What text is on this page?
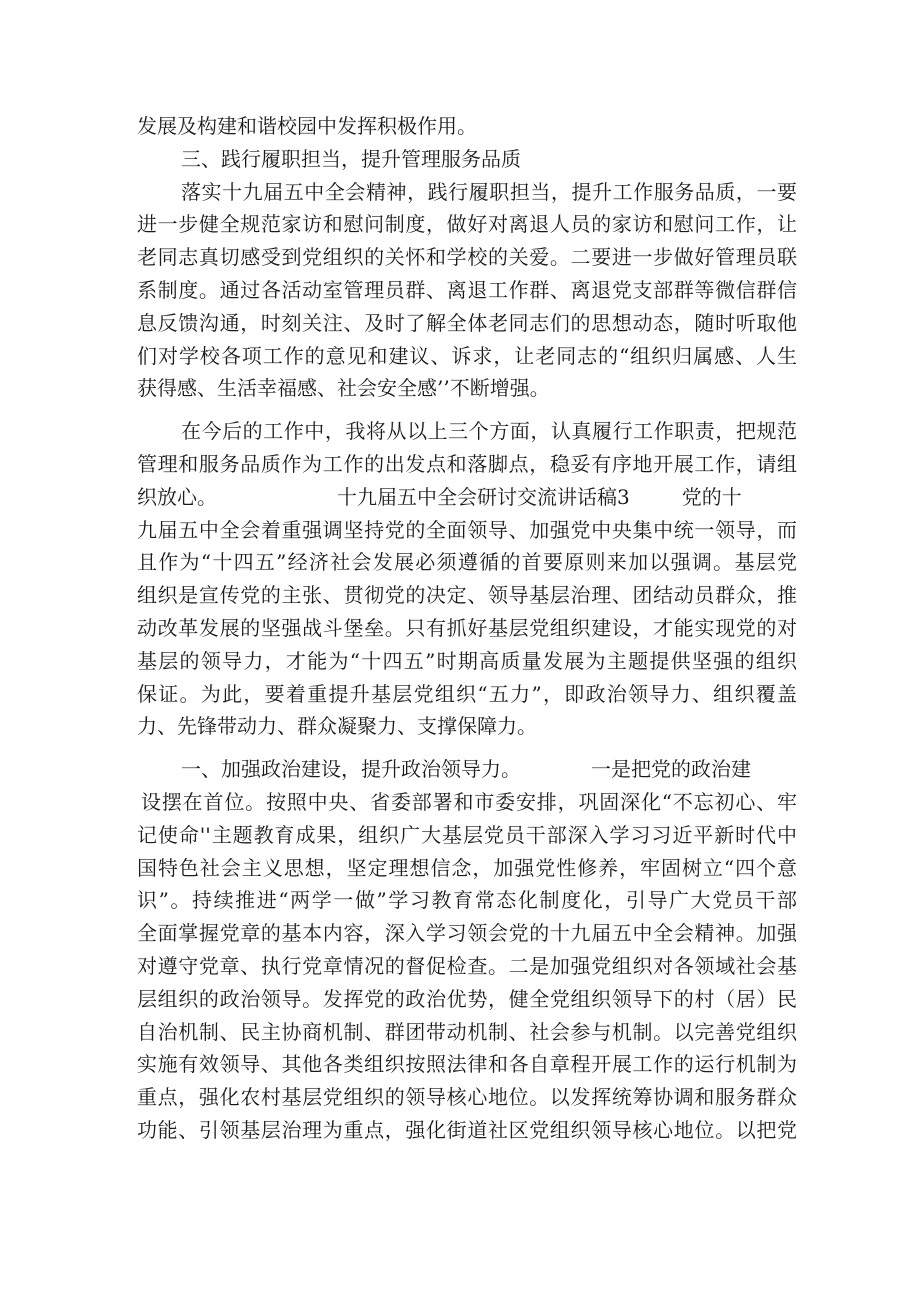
发展及构建和谐校园中发挥积极作用。
三、践行履职担当，提升管理服务品质
落实十九届五中全会精神，践行履职担当，提升工作服务品质，一要
进一步健全规范家访和慰问制度，做好对离退人员的家访和慰问工作，让
老同志真切感受到党组织的关怀和学校的关爱。二要进一步做好管理员联
系制度。通过各活动室管理员群、离退工作群、离退党支部群等微信群信
息反馈沟通，时刻关注、及时了解全体老同志们的思想动态，随时听取他
们对学校各项工作的意见和建议、诉求，让老同志的“组织归属感、人生
获得感、生活幸福感、社会安全感’’不断增强。
在今后的工作中，我将从以上三个方面，认真履行工作职责，把规范
管理和服务品质作为工作的出发点和落脚点，稳妥有序地开展工作，请组
织放心。	十九届五中全会研讨交流讲话稿3	党的十
九届五中全会着重强调坚持党的全面领导、加强党中央集中统一领导，而
且作为“十四五”经济社会发展必须遵循的首要原则来加以强调。基层党
组织是宣传党的主张、贯彻党的决定、领导基层治理、团结动员群众，推
动改革发展的坚强战斗堡垒。只有抓好基层党组织建设，才能实现党的对
基层的领导力，才能为“十四五”时期高质量发展为主题提供坚强的组织
保证。为此，要着重提升基层党组织“五力”，即政治领导力、组织覆盖
力、先锋带动力、群众凝聚力、支撑保障力。
一、加强政治建设，提升政治领导力。	一是把党的政治建
设摆在首位。按照中央、省委部署和市委安排，巩固深化“不忘初心、牢
记使命''主题教育成果，组织广大基层党员干部深入学习习近平新时代中
国特色社会主义思想，坚定理想信念，加强党性修养，牢固树立“四个意
识”。持续推进“两学一做”学习教育常态化制度化，引导广大党员干部
全面掌握党章的基本内容，深入学习领会党的十九届五中全会精神。加强
对遵守党章、执行党章情况的督促检查。二是加强党组织对各领域社会基
层组织的政治领导。发挥党的政治优势，健全党组织领导下的村（居）民
自治机制、民主协商机制、群团带动机制、社会参与机制。以完善党组织
实施有效领导、其他各类组织按照法律和各自章程开展工作的运行机制为
重点，强化农村基层党组织的领导核心地位。以发挥统筹协调和服务群众
功能、引领基层治理为重点，强化街道社区党组织领导核心地位。以把党
